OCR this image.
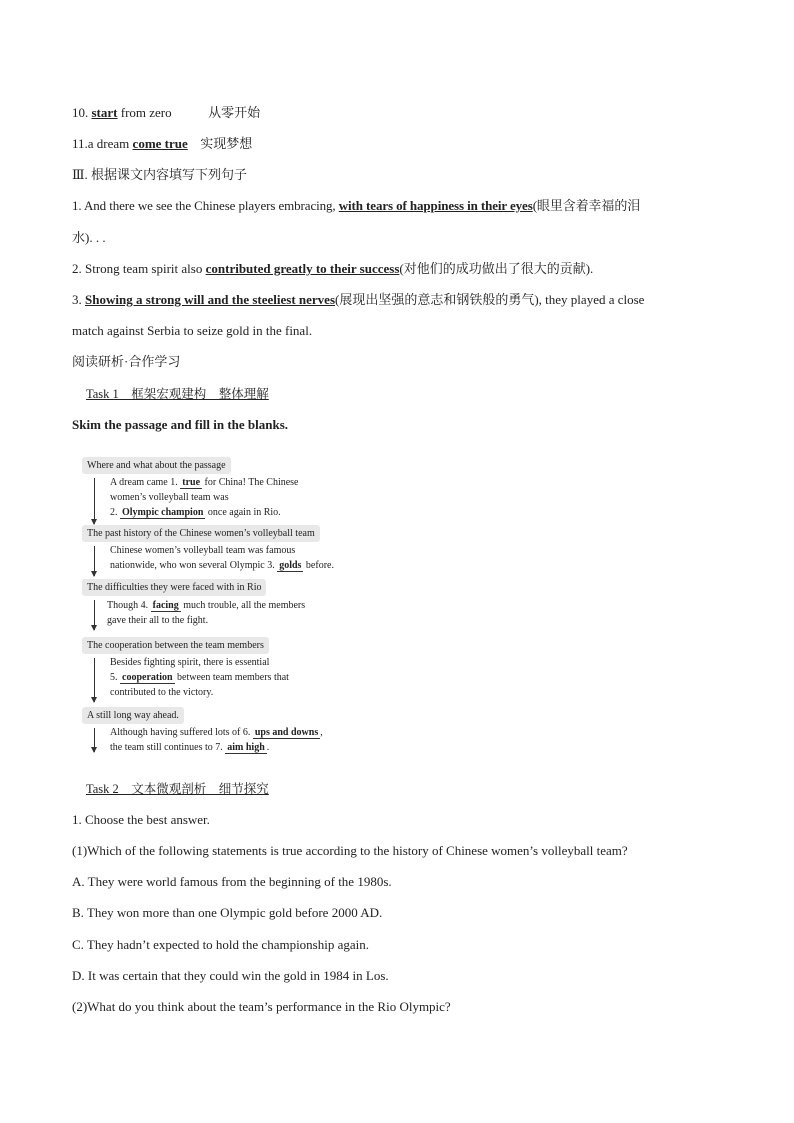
10. start from zero	从零开始
11.a dream come true 实现梦想
Ⅲ. 根据课文内容填写下列句子
1. And there we see the Chinese players embracing, with tears of happiness in their eyes(眼里含着幸福的泪
水). . .
2. Strong team spirit also contributed greatly to their success(对他们的成功做出了很大的贡献).
3. Showing a strong will and the steeliest nerves(展现出坚强的意志和钢铁般的勇气), they played a close
match against Serbia to seize gold in the final.
阅读研析·合作学习
Task 1　框架宏观建构　整体理解
Skim the passage and fill in the blanks.
Where and what about the passage
A dream came 1. true for China! The Chinese
women’s volleyball team was
2. Olympic champion once again in Rio.
The past history of the Chinese women’s volleyball team
Chinese women’s volleyball team was famous
nationwide, who won several Olympic 3. golds before.
The difficulties they were faced with in Rio
Though 4. facing much trouble, all the members
gave their all to the fight.
The cooperation between the team members
Besides fighting spirit, there is essential
5. cooperation between team members that
contributed to the victory.
A still long way ahead.
Although having suffered lots of 6. ups and downs ,
the team still continues to 7. aim high .
Task 2　文本微观剖析　细节探究
1. Choose the best answer.
(1)Which of the following statements is true according to the history of Chinese women’s volleyball team?
A. They were world famous from the beginning of the 1980s.
B. They won more than one Olympic gold before 2000 AD.
C. They hadn’t expected to hold the championship again.
D. It was certain that they could win the gold in 1984 in Los.
(2)What do you think about the team’s performance in the Rio Olympic?
